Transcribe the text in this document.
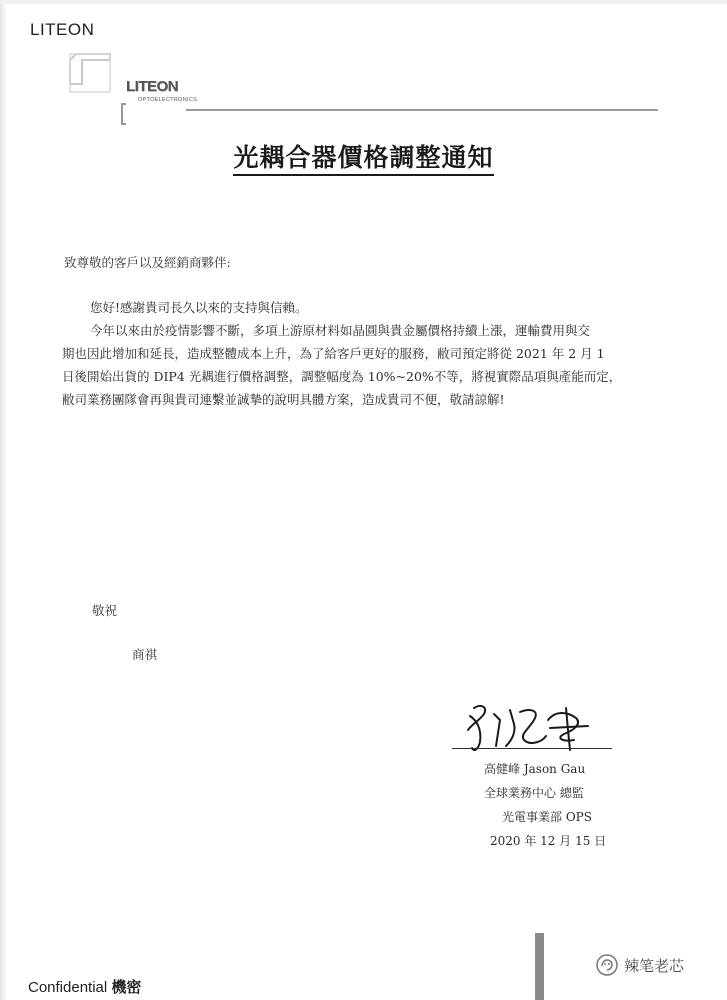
LITEON
LITEON
OPTOELECTRONICS
光耦合器價格調整通知
致尊敬的客戶以及經銷商夥伴:

您好!感謝貴司長久以來的支持與信賴。

今年以來由於疫情影響不斷，多項上游原材料如晶圓與貴金屬價格持續上漲，運輸費用與交

期也因此增加和延長，造成整體成本上升，為了給客戶更好的服務，敝司預定將從 2021 年 2 月 1

日後開始出貨的 DIP4 光耦進行價格調整，調整幅度為 10%~20%不等，將視實際品項與產能而定，

敝司業務團隊會再與貴司連繫並誠摯的說明具體方案，造成貴司不便，敬請諒解!

敬祝
商祺
高健峰 Jason Gau
全球業務中心 總監
光電事業部 OPS
2020 年 12 月 15 日
Confidential 機密
辣笔老芯
